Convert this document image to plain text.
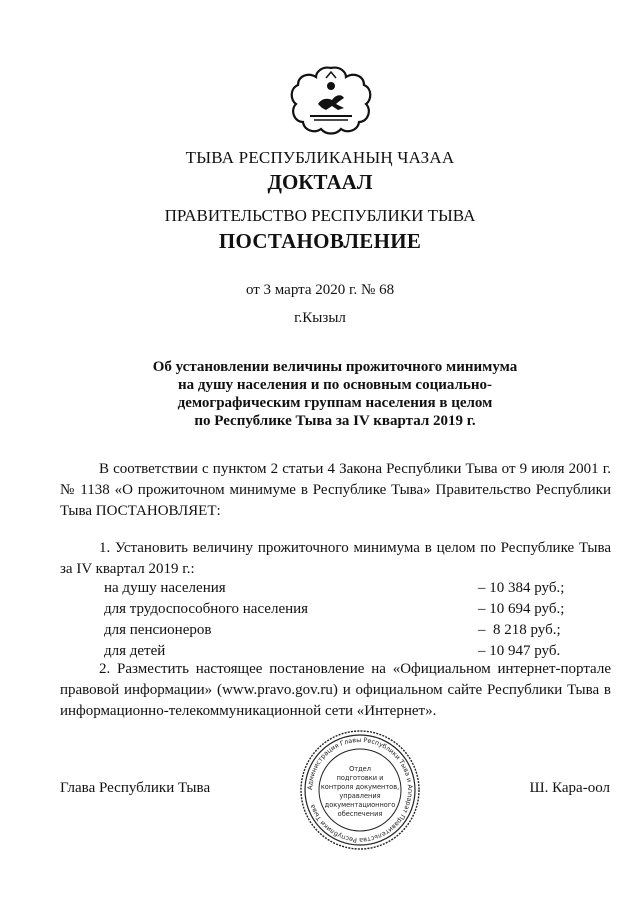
ТЫВА РЕСПУБЛИКАНЫҢ ЧАЗАА
ДОКТААЛ
ПРАВИТЕЛЬСТВО РЕСПУБЛИКИ ТЫВА
ПОСТАНОВЛЕНИЕ
от 3 марта 2020 г. № 68
г.Кызыл
Об установлении величины прожиточного минимума
на душу населения и по основным социально-
демографическим группам населения в целом
по Республике Тыва за IV квартал 2019 г.
В соответствии с пунктом 2 статьи 4 Закона Республики Тыва от 9 июля 2001 г. № 1138 «О прожиточном минимуме в Республике Тыва» Правительство Республики Тыва ПОСТАНОВЛЯЕТ:
1. Установить величину прожиточного минимума в целом по Республике Тыва за IV квартал 2019 г.:
на душу населения	– 10 384 руб.;
для трудоспособного населения	– 10 694 руб.;
для пенсионеров	–  8 218 руб.;
для детей	– 10 947 руб.
2. Разместить настоящее постановление на «Официальном интернет-портале правовой информации» (www.pravo.gov.ru) и официальном сайте Республики Тыва в информационно-телекоммуникационной сети «Интернет».
Глава Республики Тывa	Ш. Кара-оол
Администрация Главы Республики Тыва и Аппарат Правительства Республики Тыва
Отдел
подготовки и
контроля документов,
управления
документационного
обеспечения
